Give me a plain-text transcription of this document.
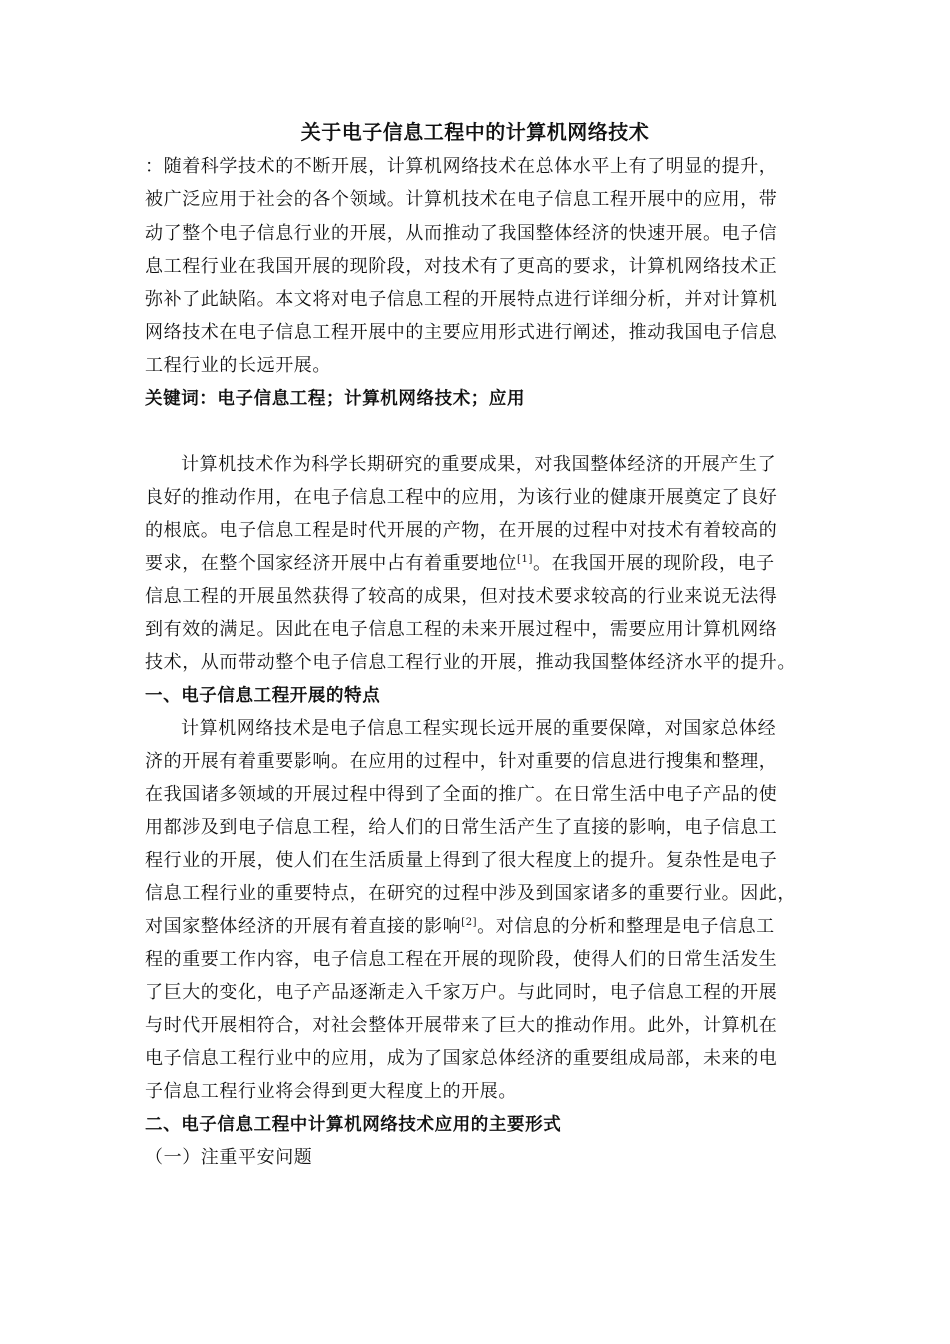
关于电子信息工程中的计算机网络技术
：随着科学技术的不断开展，计算机网络技术在总体水平上有了明显的提升，
被广泛应用于社会的各个领域。计算机技术在电子信息工程开展中的应用，带
动了整个电子信息行业的开展，从而推动了我国整体经济的快速开展。电子信
息工程行业在我国开展的现阶段，对技术有了更高的要求，计算机网络技术正
弥补了此缺陷。本文将对电子信息工程的开展特点进行详细分析，并对计算机
网络技术在电子信息工程开展中的主要应用形式进行阐述，推动我国电子信息
工程行业的长远开展。
关键词：电子信息工程；计算机网络技术；应用
计算机技术作为科学长期研究的重要成果，对我国整体经济的开展产生了
良好的推动作用，在电子信息工程中的应用，为该行业的健康开展奠定了良好
的根底。电子信息工程是时代开展的产物，在开展的过程中对技术有着较高的
要求，在整个国家经济开展中占有着重要地位[1]。在我国开展的现阶段，电子
信息工程的开展虽然获得了较高的成果，但对技术要求较高的行业来说无法得
到有效的满足。因此在电子信息工程的未来开展过程中，需要应用计算机网络
技术，从而带动整个电子信息工程行业的开展，推动我国整体经济水平的提升。
一、电子信息工程开展的特点
计算机网络技术是电子信息工程实现长远开展的重要保障，对国家总体经
济的开展有着重要影响。在应用的过程中，针对重要的信息进行搜集和整理，
在我国诸多领域的开展过程中得到了全面的推广。在日常生活中电子产品的使
用都涉及到电子信息工程，给人们的日常生活产生了直接的影响，电子信息工
程行业的开展，使人们在生活质量上得到了很大程度上的提升。复杂性是电子
信息工程行业的重要特点，在研究的过程中涉及到国家诸多的重要行业。因此，
对国家整体经济的开展有着直接的影响[2]。对信息的分析和整理是电子信息工
程的重要工作内容，电子信息工程在开展的现阶段，使得人们的日常生活发生
了巨大的变化，电子产品逐渐走入千家万户。与此同时，电子信息工程的开展
与时代开展相符合，对社会整体开展带来了巨大的推动作用。此外，计算机在
电子信息工程行业中的应用，成为了国家总体经济的重要组成局部，未来的电
子信息工程行业将会得到更大程度上的开展。
二、电子信息工程中计算机网络技术应用的主要形式
（一）注重平安问题
